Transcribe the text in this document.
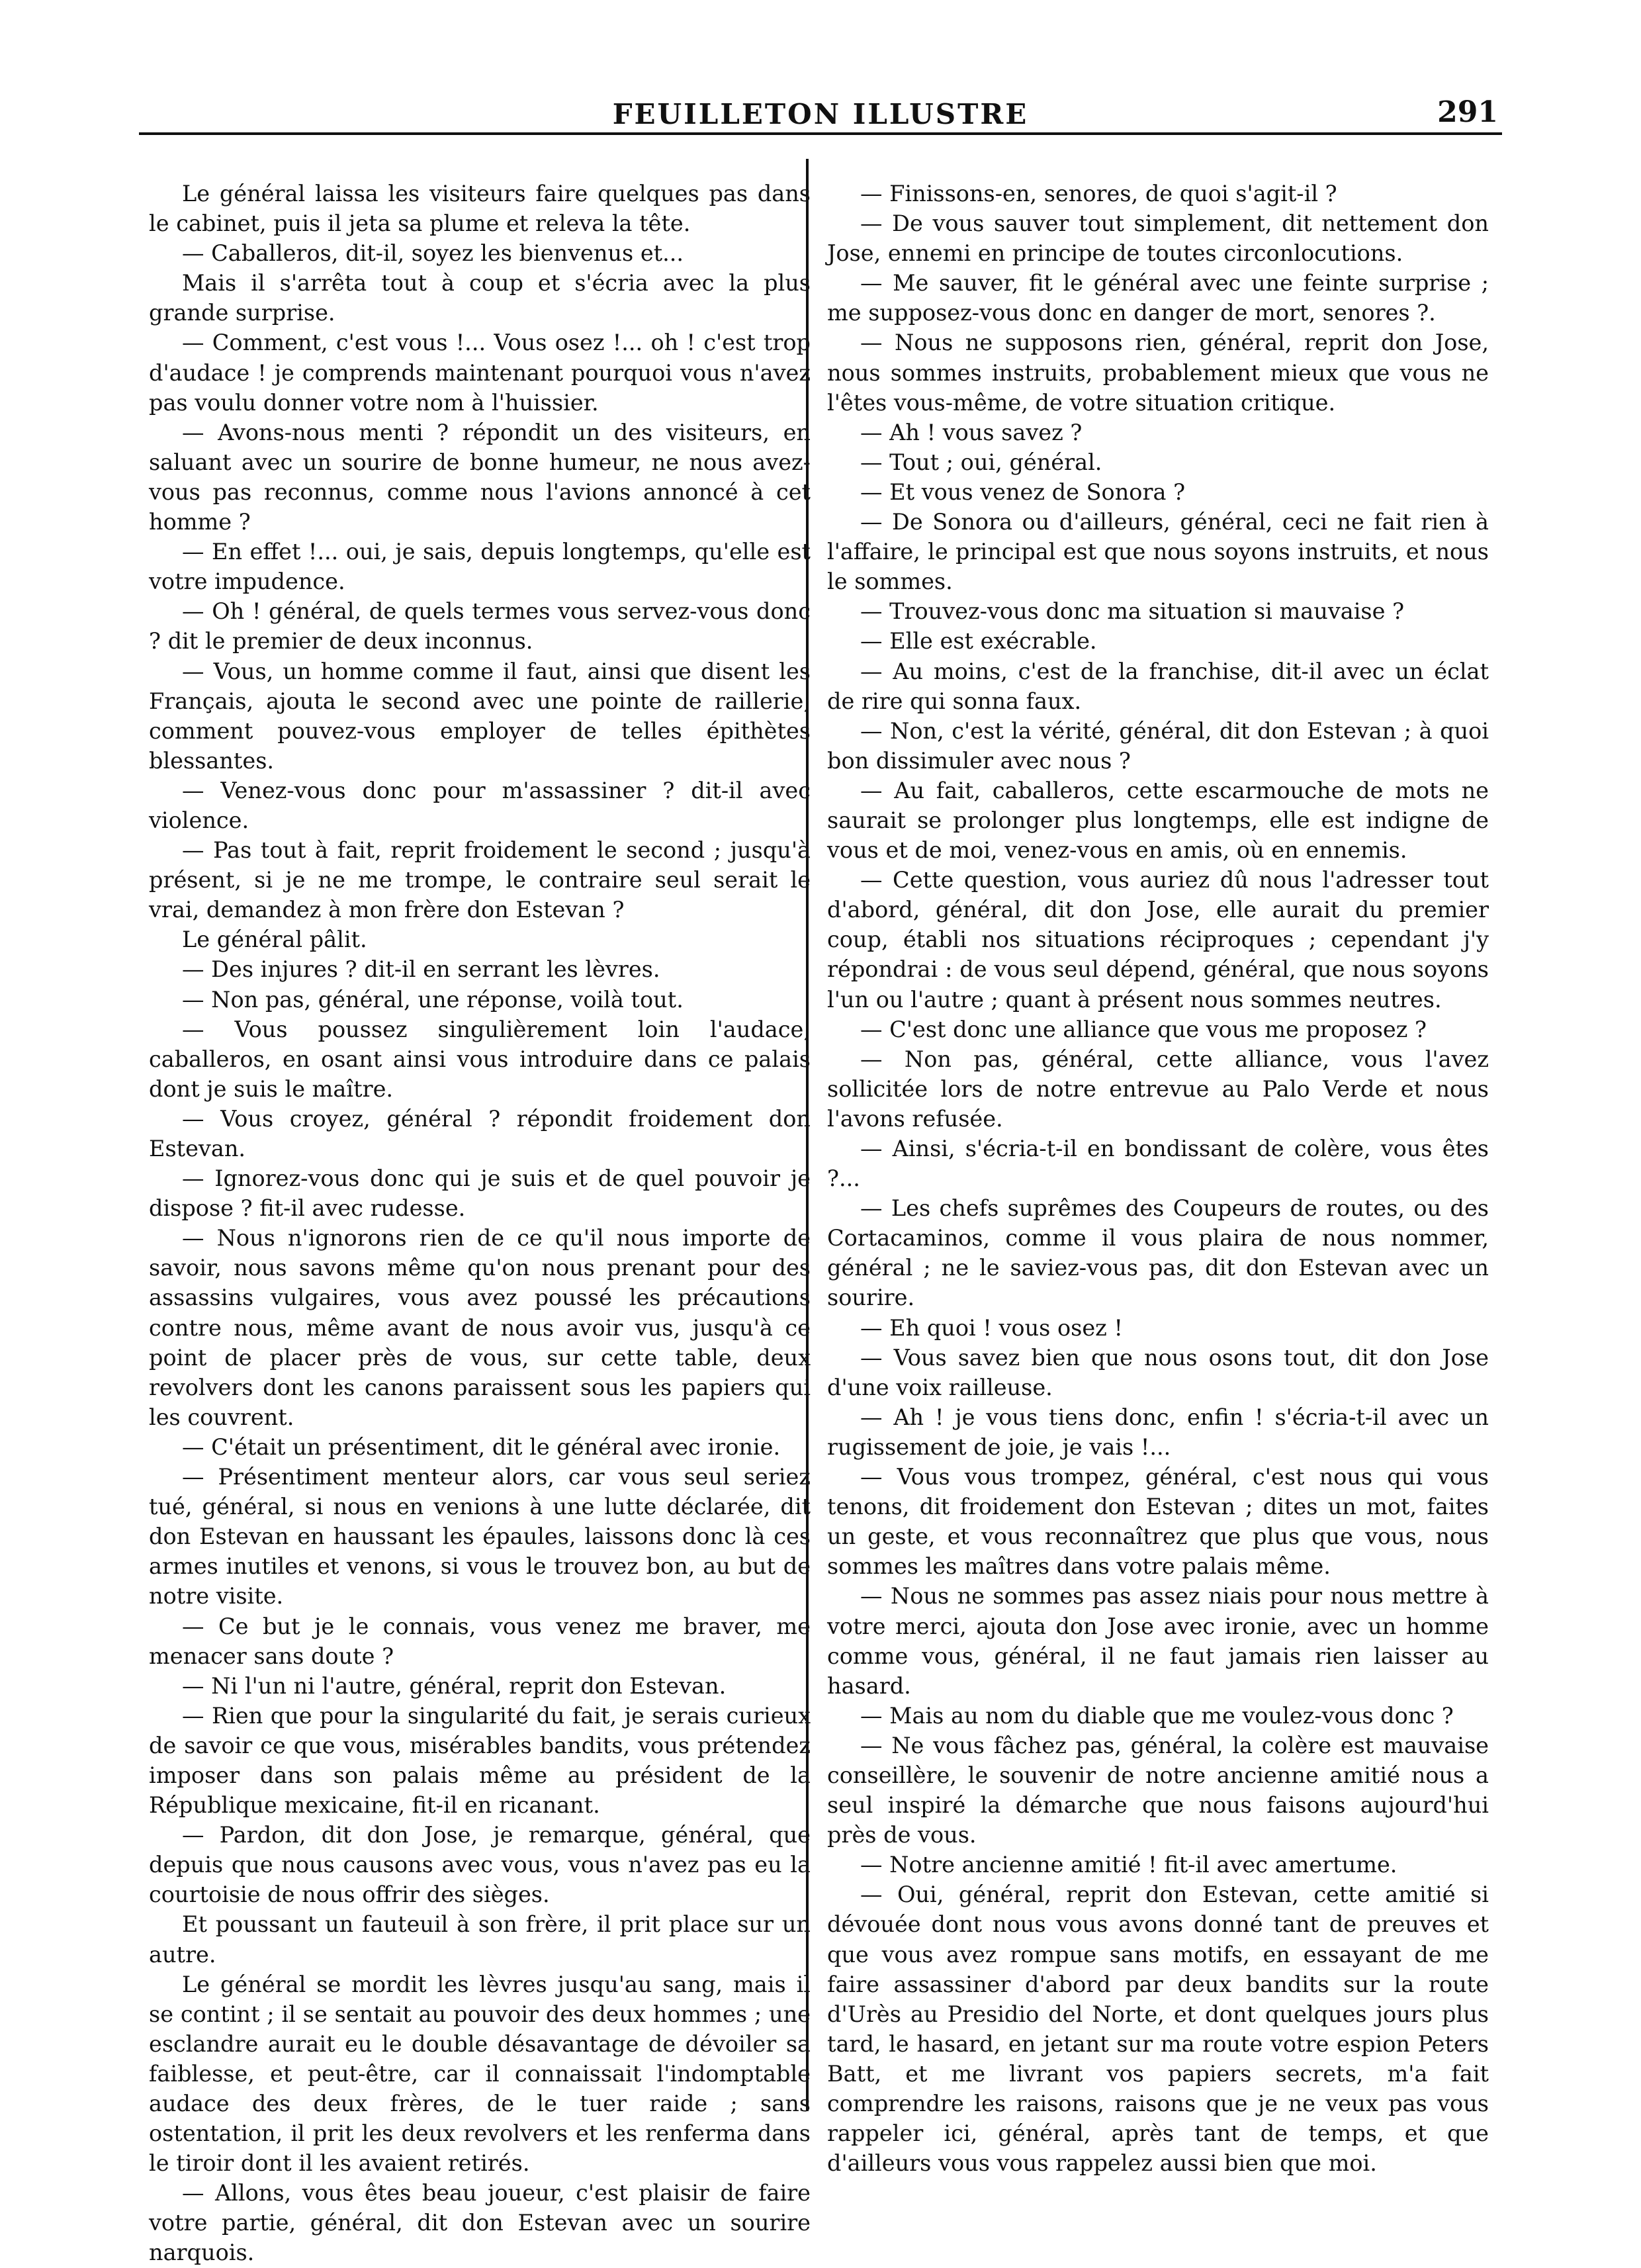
FEUILLETON ILLUSTRE	291

Le général laissa les visiteurs faire quelques pas dans le cabinet, puis il jeta sa plume et releva la tête.

— Caballeros, dit-il, soyez les bienvenus et...

Mais il s'arrêta tout à coup et s'écria avec la plus grande surprise.

— Comment, c'est vous !... Vous osez !... oh ! c'est trop d'audace ! je comprends maintenant pourquoi vous n'avez pas voulu donner votre nom à l'huissier.

— Avons-nous menti ? répondit un des visiteurs, en saluant avec un sourire de bonne humeur, ne nous avez-vous pas reconnus, comme nous l'avions annoncé à cet homme ?

— En effet !... oui, je sais, depuis longtemps, qu'elle est votre impudence.

— Oh ! général, de quels termes vous servez-vous donc ? dit le premier de deux inconnus.

— Vous, un homme comme il faut, ainsi que disent les Français, ajouta le second avec une pointe de raillerie, comment pouvez-vous employer de telles épithètes blessantes.

— Venez-vous donc pour m'assassiner ? dit-il avec violence.

— Pas tout à fait, reprit froidement le second ; jusqu'à présent, si je ne me trompe, le contraire seul serait le vrai, demandez à mon frère don Estevan ?

Le général pâlit.

— Des injures ? dit-il en serrant les lèvres.

— Non pas, général, une réponse, voilà tout.

— Vous poussez singulièrement loin l'audace, caballeros, en osant ainsi vous introduire dans ce palais dont je suis le maître.

— Vous croyez, général ? répondit froidement don Estevan.

— Ignorez-vous donc qui je suis et de quel pouvoir je dispose ? fit-il avec rudesse.

— Nous n'ignorons rien de ce qu'il nous importe de savoir, nous savons même qu'on nous prenant pour des assassins vulgaires, vous avez poussé les précautions contre nous, même avant de nous avoir vus, jusqu'à ce point de placer près de vous, sur cette table, deux revolvers dont les canons paraissent sous les papiers qui les couvrent.

— C'était un présentiment, dit le général avec ironie.

— Présentiment menteur alors, car vous seul seriez tué, général, si nous en venions à une lutte déclarée, dit don Estevan en haussant les épaules, laissons donc là ces armes inutiles et venons, si vous le trouvez bon, au but de notre visite.

— Ce but je le connais, vous venez me braver, me menacer sans doute ?

— Ni l'un ni l'autre, général, reprit don Estevan.

— Rien que pour la singularité du fait, je serais curieux de savoir ce que vous, misérables bandits, vous prétendez imposer dans son palais même au président de la République mexicaine, fit-il en ricanant.

— Pardon, dit don Jose, je remarque, général, que depuis que nous causons avec vous, vous n'avez pas eu la courtoisie de nous offrir des sièges.

Et poussant un fauteuil à son frère, il prit place sur un autre.

Le général se mordit les lèvres jusqu'au sang, mais il se contint ; il se sentait au pouvoir des deux hommes ; une esclandre aurait eu le double désavantage de dévoiler sa faiblesse, et peut-être, car il connaissait l'indomptable audace des deux frères, de le tuer raide ; sans ostentation, il prit les deux revolvers et les renferma dans le tiroir dont il les avaient retirés.

— Allons, vous êtes beau joueur, c'est plaisir de faire votre partie, général, dit don Estevan avec un sourire narquois.

— Finissons-en, senores, de quoi s'agit-il ?

— De vous sauver tout simplement, dit nettement don Jose, ennemi en principe de toutes circonlocutions.

— Me sauver, fit le général avec une feinte surprise ; me supposez-vous donc en danger de mort, senores ?.

— Nous ne supposons rien, général, reprit don Jose, nous sommes instruits, probablement mieux que vous ne l'êtes vous-même, de votre situation critique.

— Ah ! vous savez ?

— Tout ; oui, général.

— Et vous venez de Sonora ?

— De Sonora ou d'ailleurs, général, ceci ne fait rien à l'affaire, le principal est que nous soyons instruits, et nous le sommes.

— Trouvez-vous donc ma situation si mauvaise ?

— Elle est exécrable.

— Au moins, c'est de la franchise, dit-il avec un éclat de rire qui sonna faux.

— Non, c'est la vérité, général, dit don Estevan ; à quoi bon dissimuler avec nous ?

— Au fait, caballeros, cette escarmouche de mots ne saurait se prolonger plus longtemps, elle est indigne de vous et de moi, venez-vous en amis, où en ennemis.

— Cette question, vous auriez dû nous l'adresser tout d'abord, général, dit don Jose, elle aurait du premier coup, établi nos situations réciproques ; cependant j'y répondrai : de vous seul dépend, général, que nous soyons l'un ou l'autre ; quant à présent nous sommes neutres.

— C'est donc une alliance que vous me proposez ?

— Non pas, général, cette alliance, vous l'avez sollicitée lors de notre entrevue au Palo Verde et nous l'avons refusée.

— Ainsi, s'écria-t-il en bondissant de colère, vous êtes ?...

— Les chefs suprêmes des Coupeurs de routes, ou des Cortacaminos, comme il vous plaira de nous nommer, général ; ne le saviez-vous pas, dit don Estevan avec un sourire.

— Eh quoi ! vous osez !

— Vous savez bien que nous osons tout, dit don Jose d'une voix railleuse.

— Ah ! je vous tiens donc, enfin ! s'écria-t-il avec un rugissement de joie, je vais !...

— Vous vous trompez, général, c'est nous qui vous tenons, dit froidement don Estevan ; dites un mot, faites un geste, et vous reconnaîtrez que plus que vous, nous sommes les maîtres dans votre palais même.

— Nous ne sommes pas assez niais pour nous mettre à votre merci, ajouta don Jose avec ironie, avec un homme comme vous, général, il ne faut jamais rien laisser au hasard.

— Mais au nom du diable que me voulez-vous donc ?

— Ne vous fâchez pas, général, la colère est mauvaise conseillère, le souvenir de notre ancienne amitié nous a seul inspiré la démarche que nous faisons aujourd'hui près de vous.

— Notre ancienne amitié ! fit-il avec amertume.

— Oui, général, reprit don Estevan, cette amitié si dévouée dont nous vous avons donné tant de preuves et que vous avez rompue sans motifs, en essayant de me faire assassiner d'abord par deux bandits sur la route d'Urès au Presidio del Norte, et dont quelques jours plus tard, le hasard, en jetant sur ma route votre espion Peters Batt, et me livrant vos papiers secrets, m'a fait comprendre les raisons, raisons que je ne veux pas vous rappeler ici, général, après tant de temps, et que d'ailleurs vous vous rappelez aussi bien que moi.
